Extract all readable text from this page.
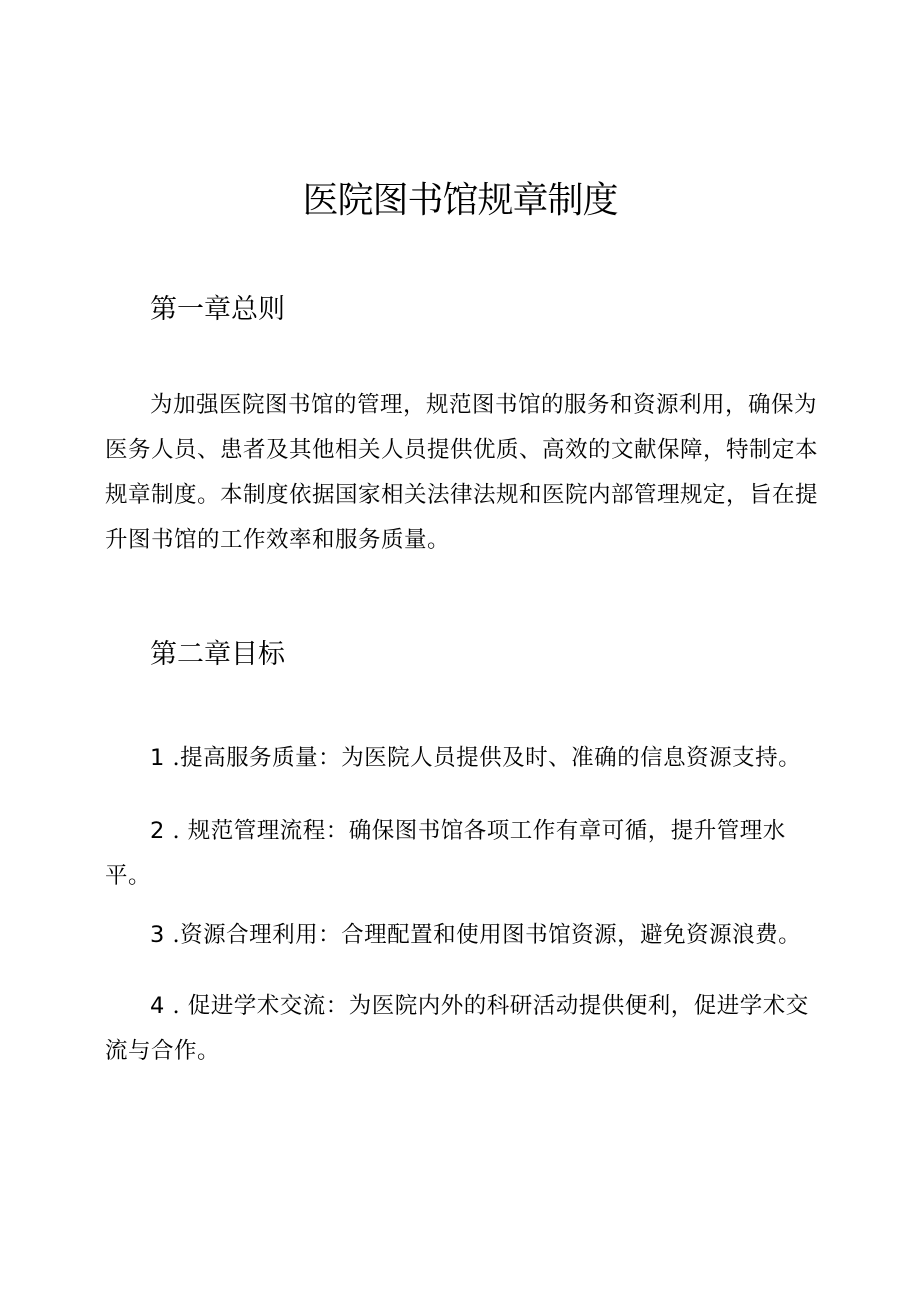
医院图书馆规章制度
第一章总则

为加强医院图书馆的管理，规范图书馆的服务和资源利用，确保为医务人员、患者及其他相关人员提供优质、高效的文献保障，特制定本规章制度。本制度依据国家相关法律法规和医院内部管理规定，旨在提升图书馆的工作效率和服务质量。

第二章目标

1 .提高服务质量：为医院人员提供及时、准确的信息资源支持。

2 . 规范管理流程：确保图书馆各项工作有章可循，提升管理水平。

3 .资源合理利用：合理配置和使用图书馆资源，避免资源浪费。

4 . 促进学术交流：为医院内外的科研活动提供便利，促进学术交流与合作。
